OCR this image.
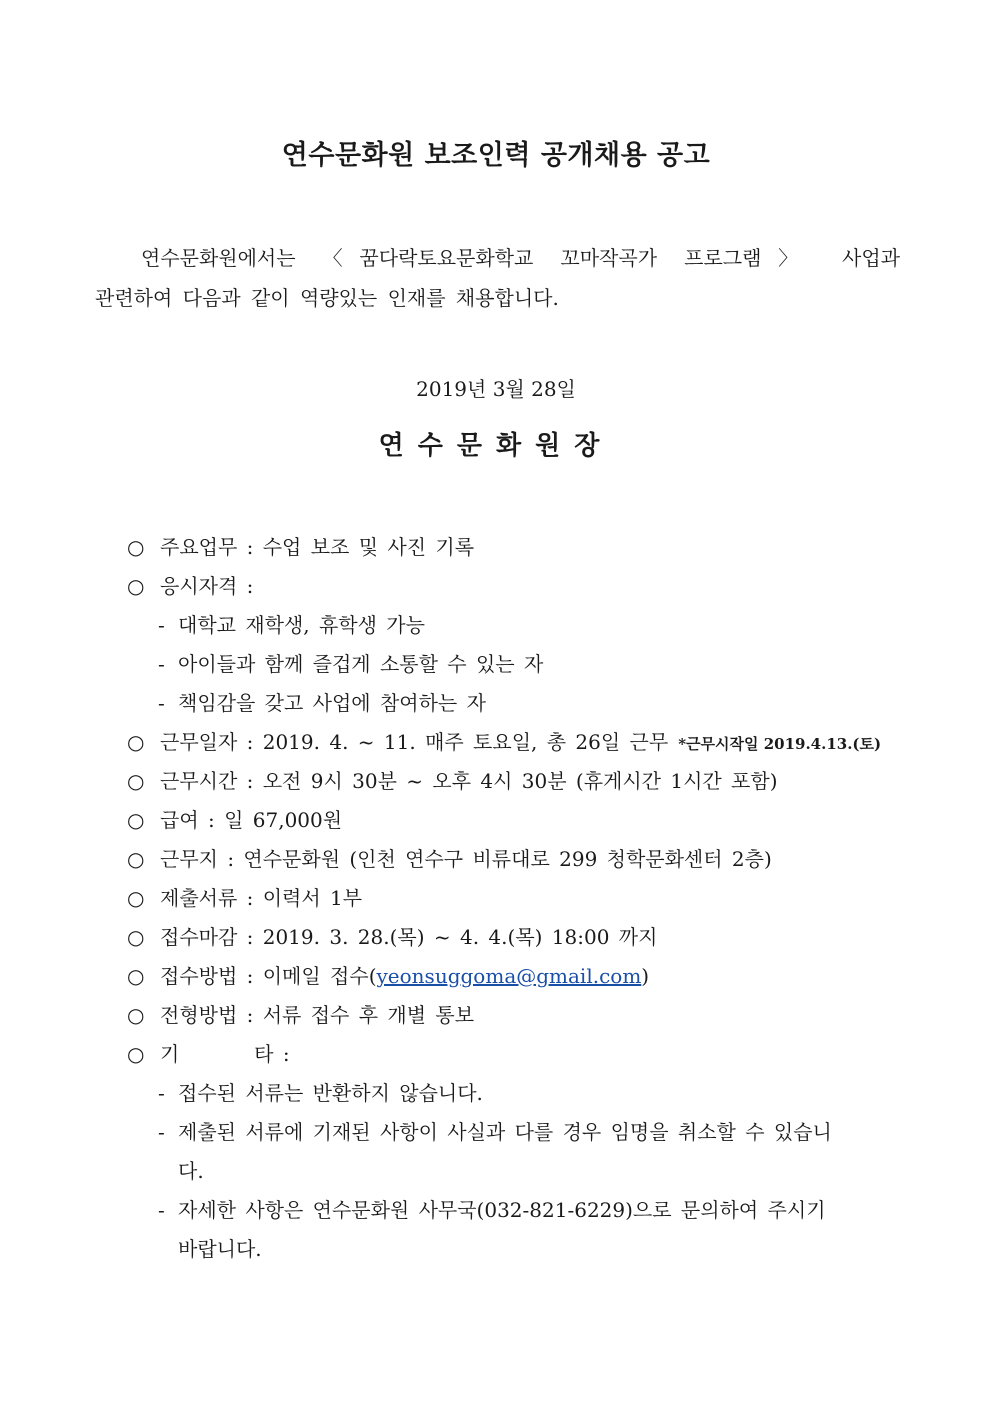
연수문화원 보조인력 공개채용 공고
연수문화원에서는 〈꿈다락토요문화학교 꼬마작곡가 프로그램〉 사업과
관련하여 다음과 같이 역량있는 인재를 채용합니다.
2019년 3월 28일
연수문화원장
○ 주요업무 : 수업 보조 및 사진 기록
○ 응시자격 :
- 대학교 재학생, 휴학생 가능
- 아이들과 함께 즐겁게 소통할 수 있는 자
- 책임감을 갖고 사업에 참여하는 자
○ 근무일자 : 2019. 4. ~ 11. 매주 토요일, 총 26일 근무 *근무시작일 2019.4.13.(토)
○ 근무시간 : 오전 9시 30분 ~ 오후 4시 30분 (휴게시간 1시간 포함)
○ 급여 : 일 67,000원
○ 근무지 : 연수문화원 (인천 연수구 비류대로 299 청학문화센터 2층)
○ 제출서류 : 이력서 1부
○ 접수마감 : 2019. 3. 28.(목) ~ 4. 4.(목) 18:00 까지
○ 접수방법 : 이메일 접수(yeonsuggoma@gmail.com)
○ 전형방법 : 서류 접수 후 개별 통보
○ 기        타 :
- 접수된 서류는 반환하지 않습니다.
- 제출된 서류에 기재된 사항이 사실과 다를 경우 임명을 취소할 수 있습니
다.
- 자세한 사항은 연수문화원 사무국(032-821-6229)으로 문의하여 주시기
바랍니다.
